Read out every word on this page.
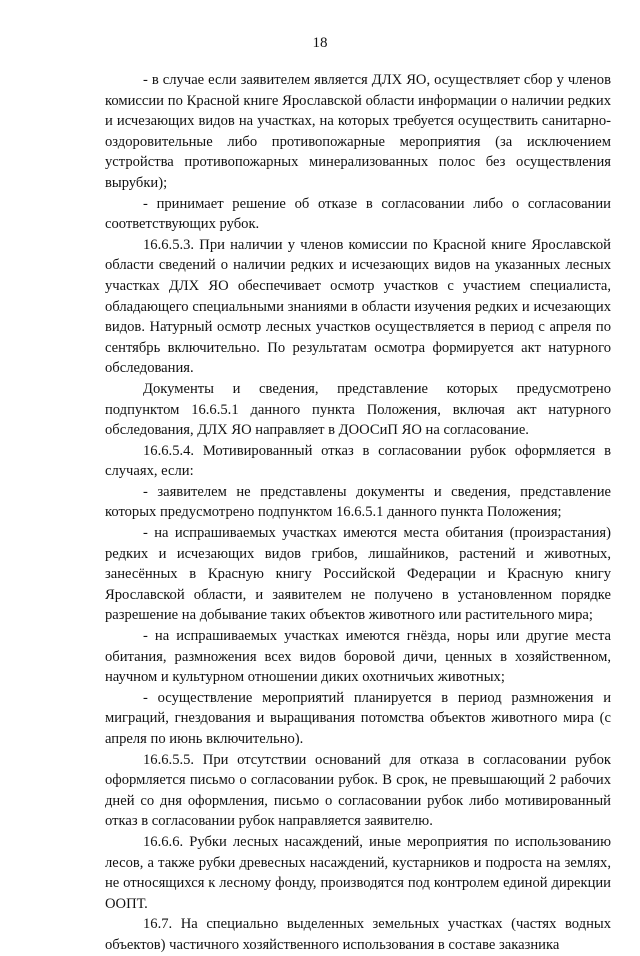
18

- в случае если заявителем является ДЛХ ЯО, осуществляет сбор у членов комиссии по Красной книге Ярославской области информации о наличии редких и исчезающих видов на участках, на которых требуется осуществить санитарно-оздоровительные либо противопожарные мероприятия (за исключением устройства противопожарных минерализованных полос без осуществления вырубки);

- принимает решение об отказе в согласовании либо о согласовании соответствующих рубок.

16.6.5.3. При наличии у членов комиссии по Красной книге Ярославской области сведений о наличии редких и исчезающих видов на указанных лесных участках ДЛХ ЯО обеспечивает осмотр участков с участием специалиста, обладающего специальными знаниями в области изучения редких и исчезающих видов. Натурный осмотр лесных участков осуществляется в период с апреля по сентябрь включительно. По результатам осмотра формируется акт натурного обследования.

Документы и сведения, представление которых предусмотрено подпунктом 16.6.5.1 данного пункта Положения, включая акт натурного обследования, ДЛХ ЯО направляет в ДООСиП ЯО на согласование.

16.6.5.4. Мотивированный отказ в согласовании рубок оформляется в случаях, если:

- заявителем не представлены документы и сведения, представление которых предусмотрено подпунктом 16.6.5.1 данного пункта Положения;

- на испрашиваемых участках имеются места обитания (произрастания) редких и исчезающих видов грибов, лишайников, растений и животных, занесённых в Красную книгу Российской Федерации и Красную книгу Ярославской области, и заявителем не получено в установленном порядке разрешение на добывание таких объектов животного или растительного мира;

- на испрашиваемых участках имеются гнёзда, норы или другие места обитания, размножения всех видов боровой дичи, ценных в хозяйственном, научном и культурном отношении диких охотничьих животных;

- осуществление мероприятий планируется в период размножения и миграций, гнездования и выращивания потомства объектов животного мира (с апреля по июнь включительно).

16.6.5.5. При отсутствии оснований для отказа в согласовании рубок оформляется письмо о согласовании рубок. В срок, не превышающий 2 рабочих дней со дня оформления, письмо о согласовании рубок либо мотивированный отказ в согласовании рубок направляется заявителю.

16.6.6. Рубки лесных насаждений, иные мероприятия по использованию лесов, а также рубки древесных насаждений, кустарников и подроста на землях, не относящихся к лесному фонду, производятся под контролем единой дирекции ООПТ.

16.7. На специально выделенных земельных участках (частях водных объектов) частичного хозяйственного использования в составе заказника
